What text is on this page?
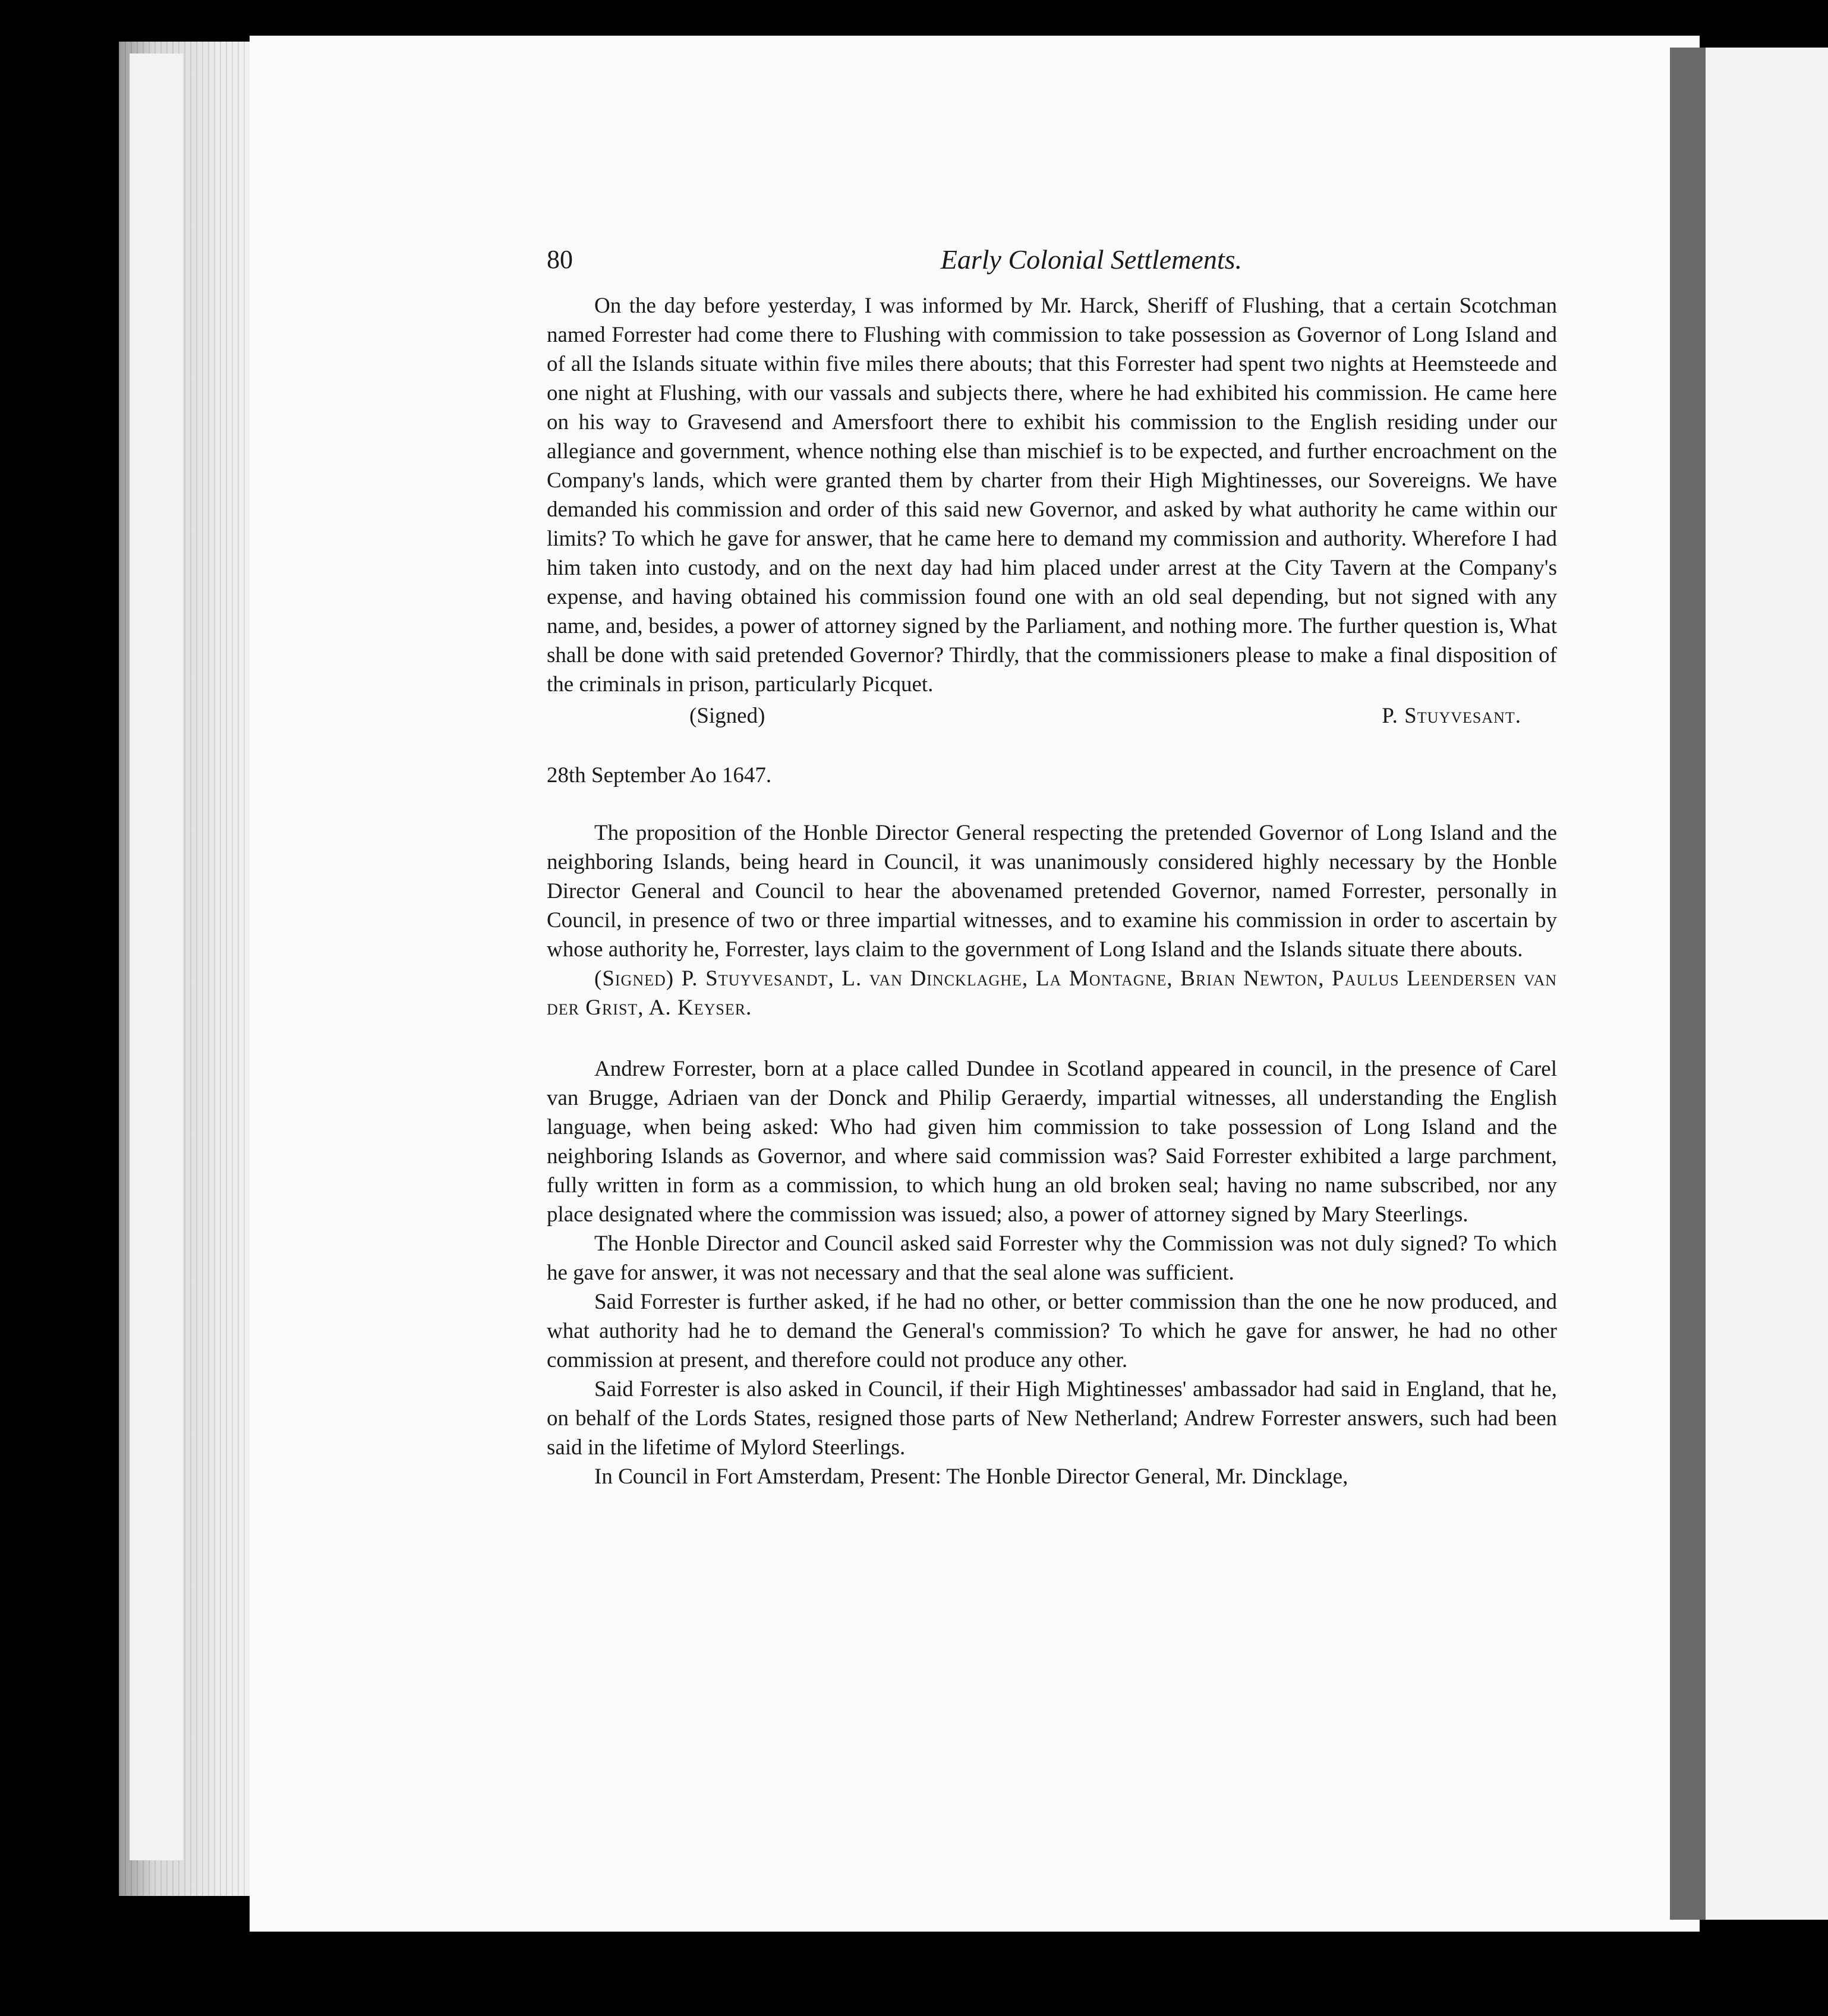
80	Early Colonial Settlements.

On the day before yesterday, I was informed by Mr. Harck, Sheriff of Flushing, that a certain Scotchman named Forrester had come there to Flushing with commission to take possession as Governor of Long Island and of all the Islands situate within five miles there abouts; that this Forrester had spent two nights at Heemsteede and one night at Flushing, with our vassals and subjects there, where he had exhibited his commission. He came here on his way to Gravesend and Amersfoort there to exhibit his commission to the English residing under our allegiance and government, whence nothing else than mischief is to be expected, and further encroachment on the Company's lands, which were granted them by charter from their High Mightinesses, our Sovereigns. We have demanded his commission and order of this said new Governor, and asked by what authority he came within our limits? To which he gave for answer, that he came here to demand my commission and authority. Wherefore I had him taken into custody, and on the next day had him placed under arrest at the City Tavern at the Company's expense, and having obtained his commission found one with an old seal depending, but not signed with any name, and, besides, a power of attorney signed by the Parliament, and nothing more. The further question is, What shall be done with said pretended Governor? Thirdly, that the commissioners please to make a final disposition of the criminals in prison, particularly Picquet.

(Signed)	P. Stuyvesant.

28th September Ao 1647.

The proposition of the Honble Director General respecting the pretended Governor of Long Island and the neighboring Islands, being heard in Council, it was unanimously considered highly necessary by the Honble Director General and Council to hear the abovenamed pretended Governor, named Forrester, personally in Council, in presence of two or three impartial witnesses, and to examine his commission in order to ascertain by whose authority he, Forrester, lays claim to the government of Long Island and the Islands situate there abouts.

(Signed) P. Stuyvesandt, L. van Dincklaghe, La Montagne, Brian Newton, Paulus Leendersen van der Grist, A. Keyser.

Andrew Forrester, born at a place called Dundee in Scotland appeared in council, in the presence of Carel van Brugge, Adriaen van der Donck and Philip Geraerdy, impartial witnesses, all understanding the English language, when being asked: Who had given him commission to take possession of Long Island and the neighboring Islands as Governor, and where said commission was? Said Forrester exhibited a large parchment, fully written in form as a commission, to which hung an old broken seal; having no name subscribed, nor any place designated where the commission was issued; also, a power of attorney signed by Mary Steerlings.

The Honble Director and Council asked said Forrester why the Commission was not duly signed? To which he gave for answer, it was not necessary and that the seal alone was sufficient.

Said Forrester is further asked, if he had no other, or better commission than the one he now produced, and what authority had he to demand the General's commission? To which he gave for answer, he had no other commission at present, and therefore could not produce any other.

Said Forrester is also asked in Council, if their High Mightinesses' ambassador had said in England, that he, on behalf of the Lords States, resigned those parts of New Netherland; Andrew Forrester answers, such had been said in the lifetime of Mylord Steerlings.

In Council in Fort Amsterdam, Present: The Honble Director General, Mr. Dincklage,
